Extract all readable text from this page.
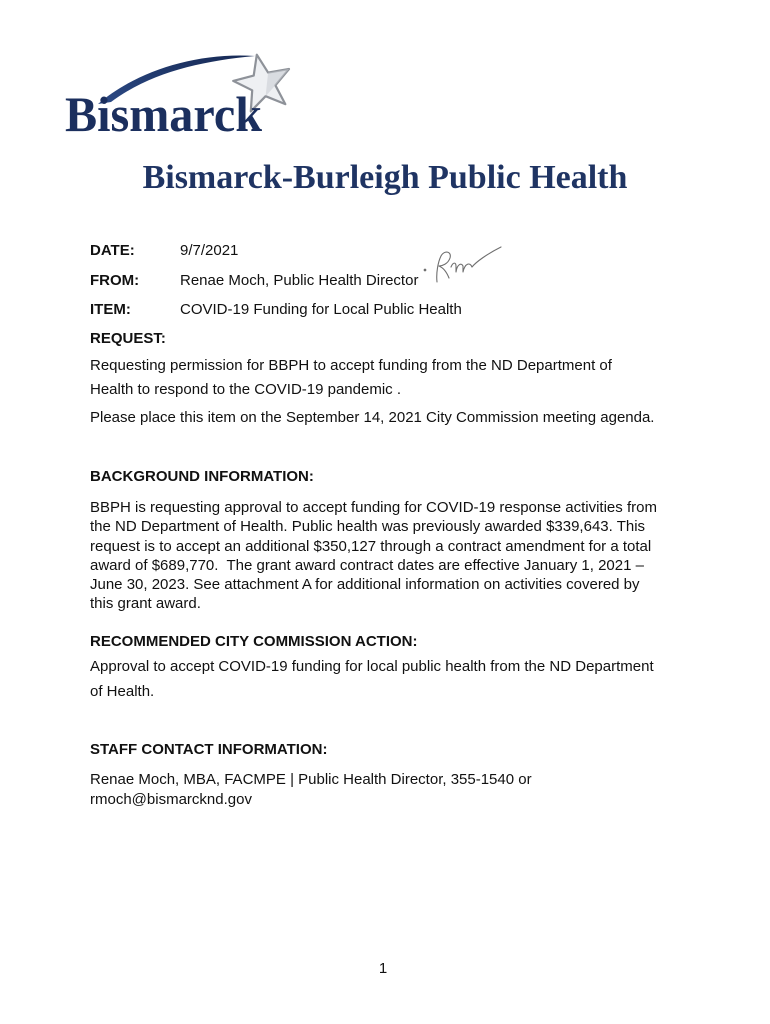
Bismarck
Bismarck-Burleigh Public Health
DATE:	9/7/2021
FROM:	Renae Moch, Public Health Director
ITEM:	COVID-19 Funding for Local Public Health
REQUEST:
Requesting permission for BBPH to accept funding from the ND Department of
Health to respond to the COVID-19 pandemic .
Please place this item on the September 14, 2021 City Commission meeting agenda.
BACKGROUND INFORMATION:
BBPH is requesting approval to accept funding for COVID-19 response activities from
the ND Department of Health. Public health was previously awarded $339,643. This
request is to accept an additional $350,127 through a contract amendment for a total
award of $689,770.  The grant award contract dates are effective January 1, 2021 –
June 30, 2023. See attachment A for additional information on activities covered by
this grant award.
RECOMMENDED CITY COMMISSION ACTION:
Approval to accept COVID-19 funding for local public health from the ND Department
of Health.
STAFF CONTACT INFORMATION:
Renae Moch, MBA, FACMPE | Public Health Director, 355-1540 or
rmoch@bismarcknd.gov
1
